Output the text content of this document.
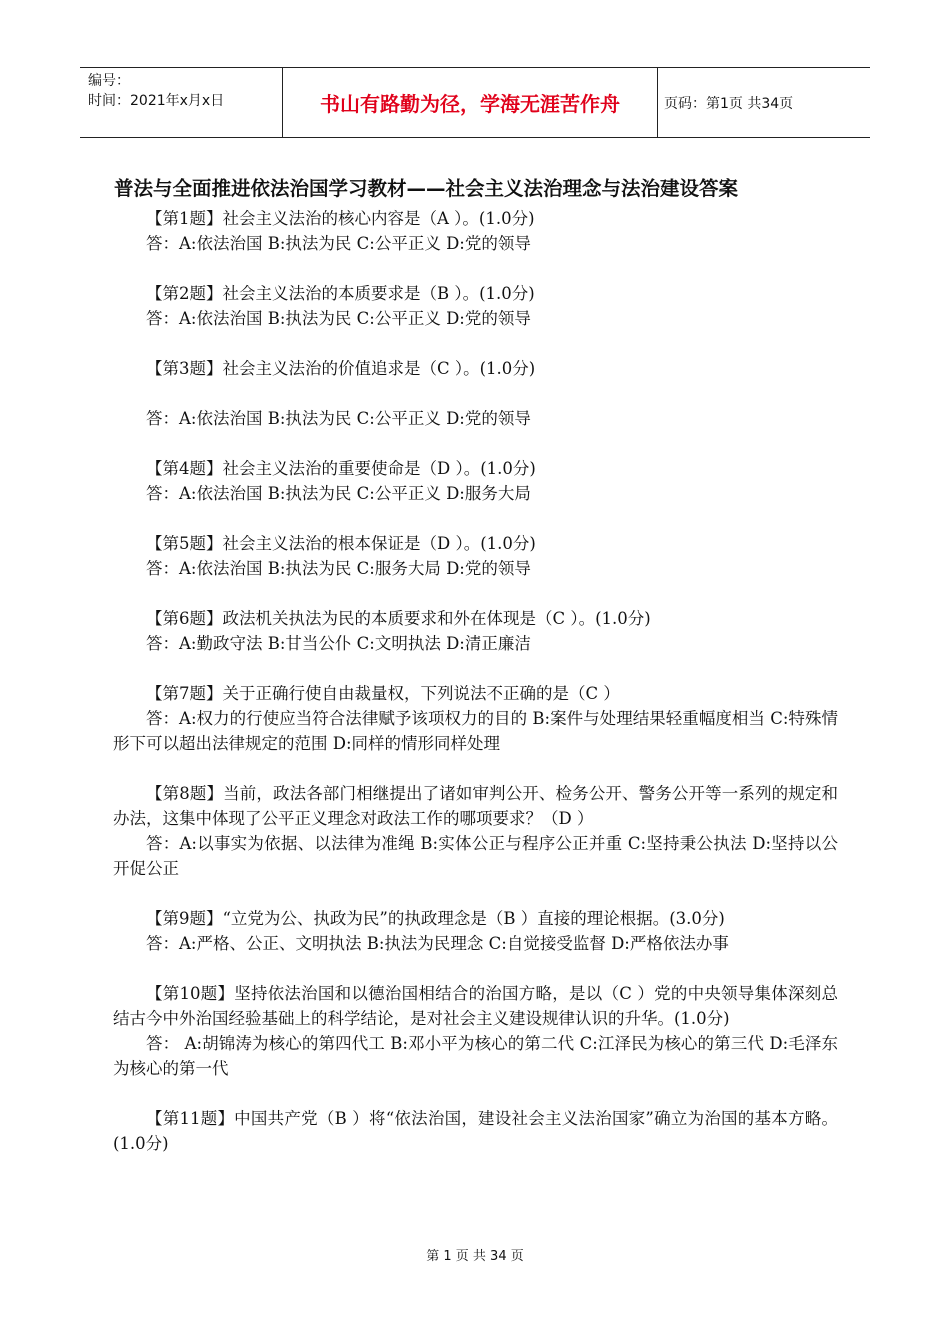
编号：
时间：2021年x月x日	书山有路勤为径，学海无涯苦作舟	页码：第1页 共34页
普法与全面推进依法治国学习教材——社会主义法治理念与法治建设答案

【第1题】社会主义法治的核心内容是（A ）。(1.0分)

答：A:依法治国 B:执法为民 C:公平正义 D:党的领导

【第2题】社会主义法治的本质要求是（B ）。(1.0分)

答：A:依法治国 B:执法为民 C:公平正义 D:党的领导

【第3题】社会主义法治的价值追求是（C ）。(1.0分)

答：A:依法治国 B:执法为民 C:公平正义 D:党的领导

【第4题】社会主义法治的重要使命是（D ）。(1.0分)

答：A:依法治国 B:执法为民 C:公平正义 D:服务大局

【第5题】社会主义法治的根本保证是（D ）。(1.0分)

答：A:依法治国 B:执法为民 C:服务大局 D:党的领导

【第6题】政法机关执法为民的本质要求和外在体现是（C ）。(1.0分)

答：A:勤政守法 B:甘当公仆 C:文明执法 D:清正廉洁

【第7题】关于正确行使自由裁量权，下列说法不正确的是（C ）

答：A:权力的行使应当符合法律赋予该项权力的目的 B:案件与处理结果轻重幅度相当 C:特殊情形下可以超出法律规定的范围 D:同样的情形同样处理

【第8题】当前，政法各部门相继提出了诸如审判公开、检务公开、警务公开等一系列的规定和办法，这集中体现了公平正义理念对政法工作的哪项要求？（D ）

答：A:以事实为依据、以法律为准绳 B:实体公正与程序公正并重 C:坚持秉公执法 D:坚持以公开促公正

【第9题】“立党为公、执政为民”的执政理念是（B ）直接的理论根据。(3.0分)

答：A:严格、公正、文明执法 B:执法为民理念 C:自觉接受监督 D:严格依法办事

【第10题】坚持依法治国和以德治国相结合的治国方略，是以（C ）党的中央领导集体深刻总结古今中外治国经验基础上的科学结论，是对社会主义建设规律认识的升华。(1.0分)

答： A:胡锦涛为核心的第四代工 B:邓小平为核心的第二代 C:江泽民为核心的第三代 D:毛泽东为核心的第一代

【第11题】中国共产党（B ）将“依法治国，建设社会主义法治国家”确立为治国的基本方略。(1.0分)

第 1 页 共 34 页
